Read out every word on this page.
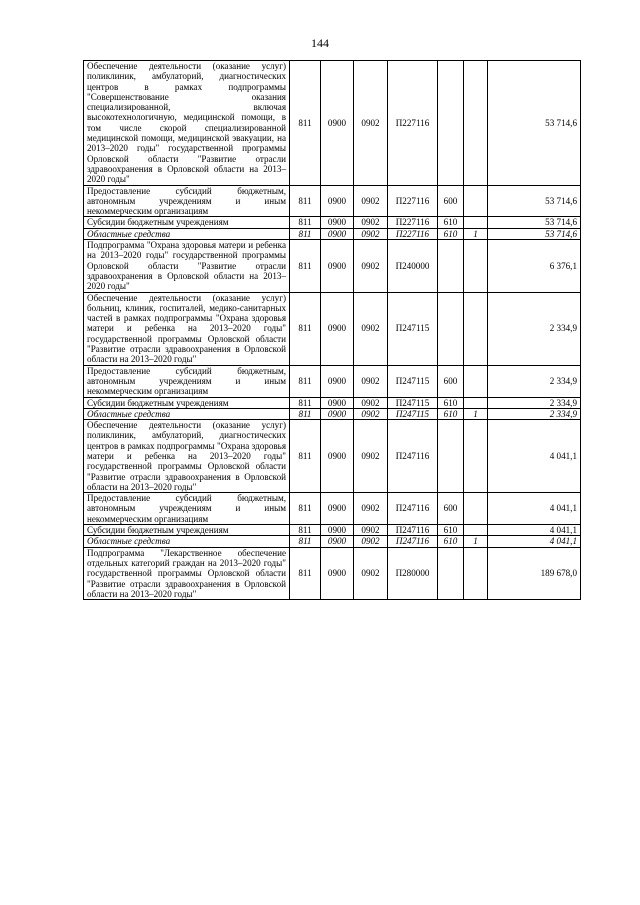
144
Обеспечение деятельности (оказание услуг) поликлиник, амбулаторий, диагностических центров в рамках подпрограммы "Совершенствование оказания специализированной, включая высокотехнологичную, медицинской помощи, в том числе скорой специализированной медицинской помощи, медицинской эвакуации, на 2013–2020 годы" государственной программы Орловской области "Развитие отрасли здравоохранения в Орловской области на 2013–2020 годы"	811	0900	0902	П227116			53 714,6
Предоставление субсидий бюджетным, автономным учреждениям и иным некоммерческим организациям	811	0900	0902	П227116	600		53 714,6
Субсидии бюджетным учреждениям	811	0900	0902	П227116	610		53 714,6
Областные средства	811	0900	0902	П227116	610	1	53 714,6
Подпрограмма "Охрана здоровья матери и ребенка на 2013–2020 годы" государственной программы Орловской области "Развитие отрасли здравоохранения в Орловской области на 2013–2020 годы"	811	0900	0902	П240000			6 376,1
Обеспечение деятельности (оказание услуг) больниц, клиник, госпиталей, медико-санитарных частей в рамках подпрограммы "Охрана здоровья матери и ребенка на 2013–2020 годы" государственной программы Орловской области "Развитие отрасли здравоохранения в Орловской области на 2013–2020 годы"	811	0900	0902	П247115			2 334,9
Предоставление субсидий бюджетным, автономным учреждениям и иным некоммерческим организациям	811	0900	0902	П247115	600		2 334,9
Субсидии бюджетным учреждениям	811	0900	0902	П247115	610		2 334,9
Областные средства	811	0900	0902	П247115	610	1	2 334,9
Обеспечение деятельности (оказание услуг) поликлиник, амбулаторий, диагностических центров в рамках подпрограммы "Охрана здоровья матери и ребенка на 2013–2020 годы" государственной программы Орловской области "Развитие отрасли здравоохранения в Орловской области на 2013–2020 годы"	811	0900	0902	П247116			4 041,1
Предоставление субсидий бюджетным, автономным учреждениям и иным некоммерческим организациям	811	0900	0902	П247116	600		4 041,1
Субсидии бюджетным учреждениям	811	0900	0902	П247116	610		4 041,1
Областные средства	811	0900	0902	П247116	610	1	4 041,1
Подпрограмма "Лекарственное обеспечение отдельных категорий граждан на 2013–2020 годы" государственной программы Орловской области "Развитие отрасли здравоохранения в Орловской области на 2013–2020 годы"	811	0900	0902	П280000			189 678,0
